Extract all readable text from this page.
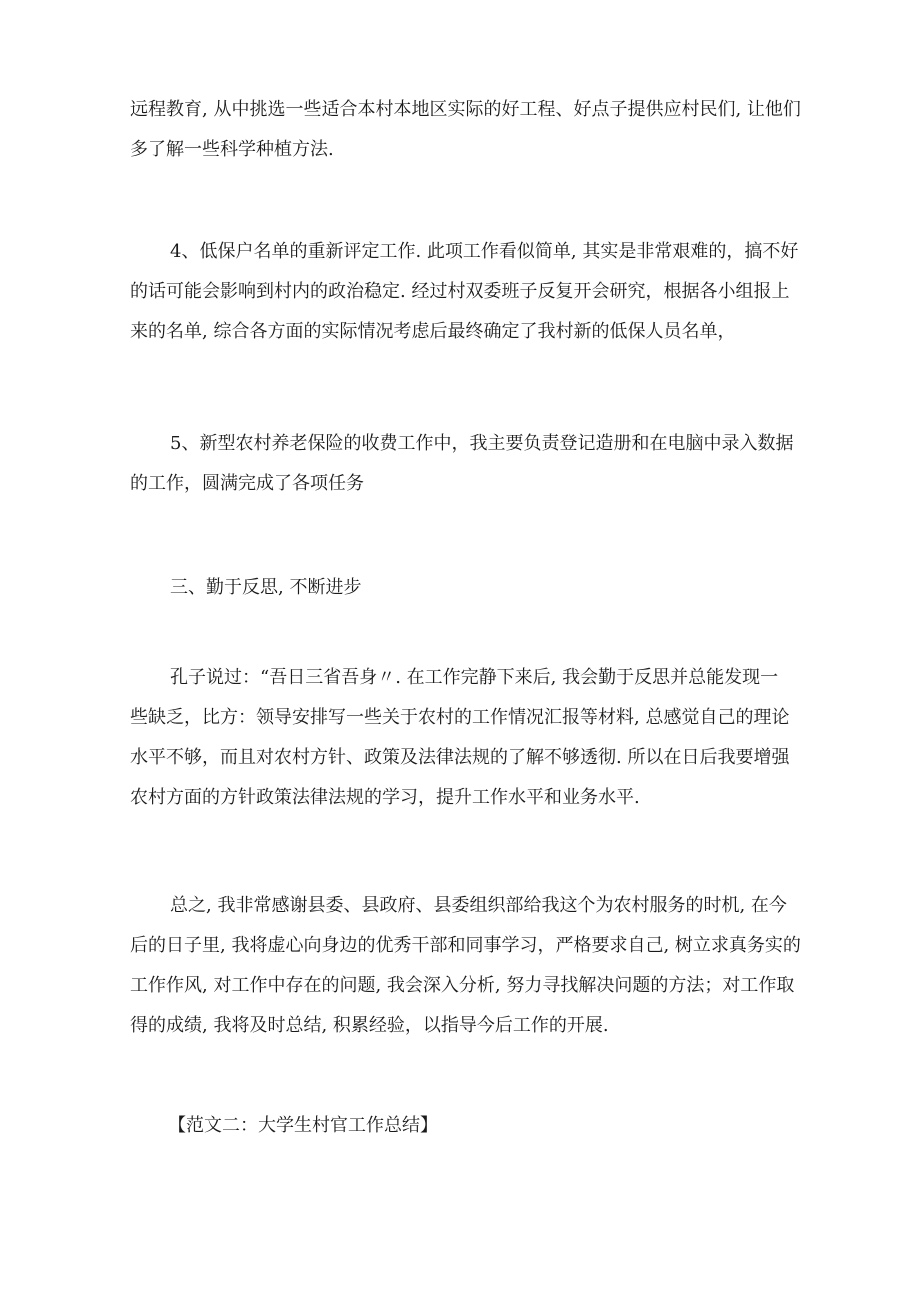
远程教育, 从中挑选一些适合本村本地区实际的好工程、好点子提供应村民们, 让他们
多了解一些科学种植方法.
4、低保户名单的重新评定工作. 此项工作看似简单, 其实是非常艰难的，搞不好
的话可能会影响到村内的政治稳定. 经过村双委班子反复开会研究，根据各小组报上
来的名单, 综合各方面的实际情况考虑后最终确定了我村新的低保人员名单，
5、新型农村养老保险的收费工作中，我主要负责登记造册和在电脑中录入数据
的工作，圆满完成了各项任务
三、勤于反思, 不断进步
孔子说过：“吾日三省吾身〃. 在工作完静下来后, 我会勤于反思并总能发现一
些缺乏，比方：领导安排写一些关于农村的工作情况汇报等材料, 总感觉自己的理论
水平不够，而且对农村方针、政策及法律法规的了解不够透彻. 所以在日后我要增强
农村方面的方针政策法律法规的学习，提升工作水平和业务水平.
总之, 我非常感谢县委、县政府、县委组织部给我这个为农村服务的时机, 在今
后的日子里, 我将虚心向身边的优秀干部和同事学习，严格要求自己, 树立求真务实的
工作作风, 对工作中存在的问题, 我会深入分析, 努力寻找解决问题的方法；对工作取
得的成绩, 我将及时总结, 积累经验，以指导今后工作的开展.
【范文二：大学生村官工作总结】
